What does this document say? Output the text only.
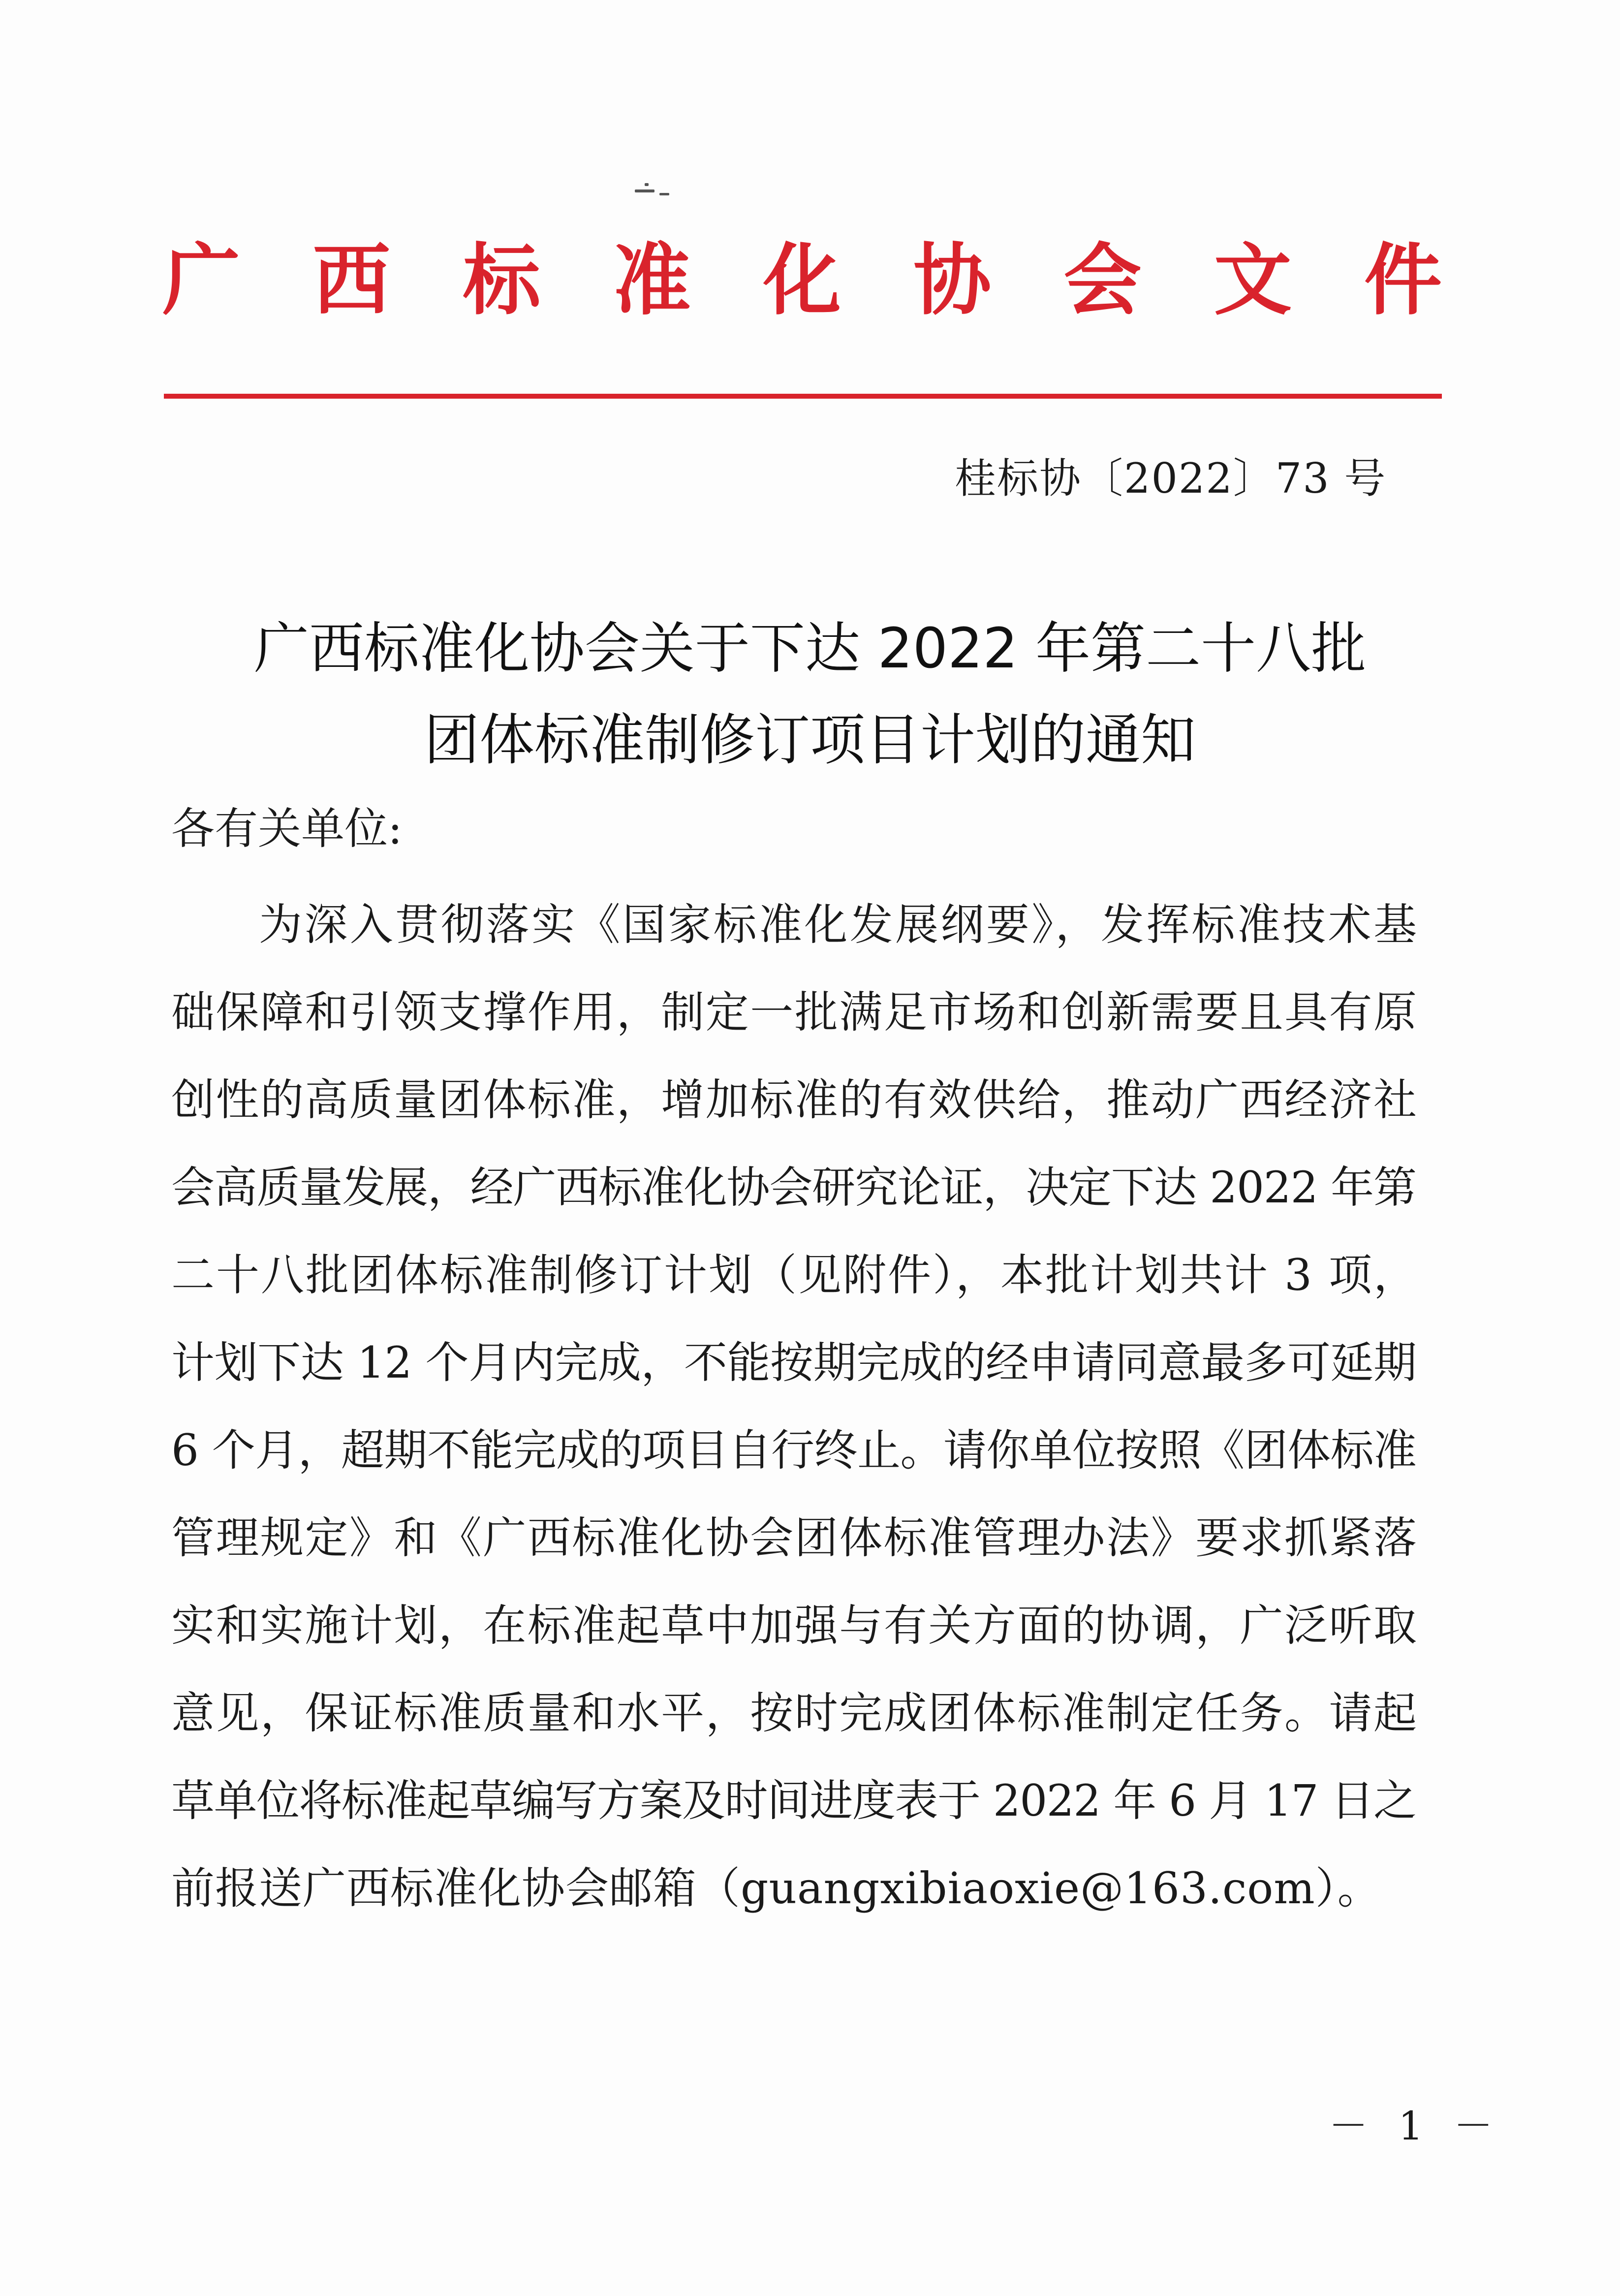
广 西 标 准 化 协 会 文 件
桂标协〔2022〕73 号
广西标准化协会关于下达 2022 年第二十八批
团体标准制修订项目计划的通知
各有关单位:
为深入贯彻落实《国家标准化发展纲要》，发挥标准技术基
础保障和引领支撑作用，制定一批满足市场和创新需要且具有原
创性的高质量团体标准，增加标准的有效供给，推动广西经济社
会高质量发展，经广西标准化协会研究论证，决定下达 2022 年第
二十八批团体标准制修订计划（见附件），本批计划共计 3 项，
计划下达 12 个月内完成，不能按期完成的经申请同意最多可延期
6 个月，超期不能完成的项目自行终止。请你单位按照《团体标准
管理规定》和《广西标准化协会团体标准管理办法》要求抓紧落
实和实施计划，在标准起草中加强与有关方面的协调，广泛听取
意见，保证标准质量和水平，按时完成团体标准制定任务。请起
草单位将标准起草编写方案及时间进度表于 2022 年 6 月 17 日之
前报送广西标准化协会邮箱（guangxibiaoxie@163.com）。
－ 1 －
